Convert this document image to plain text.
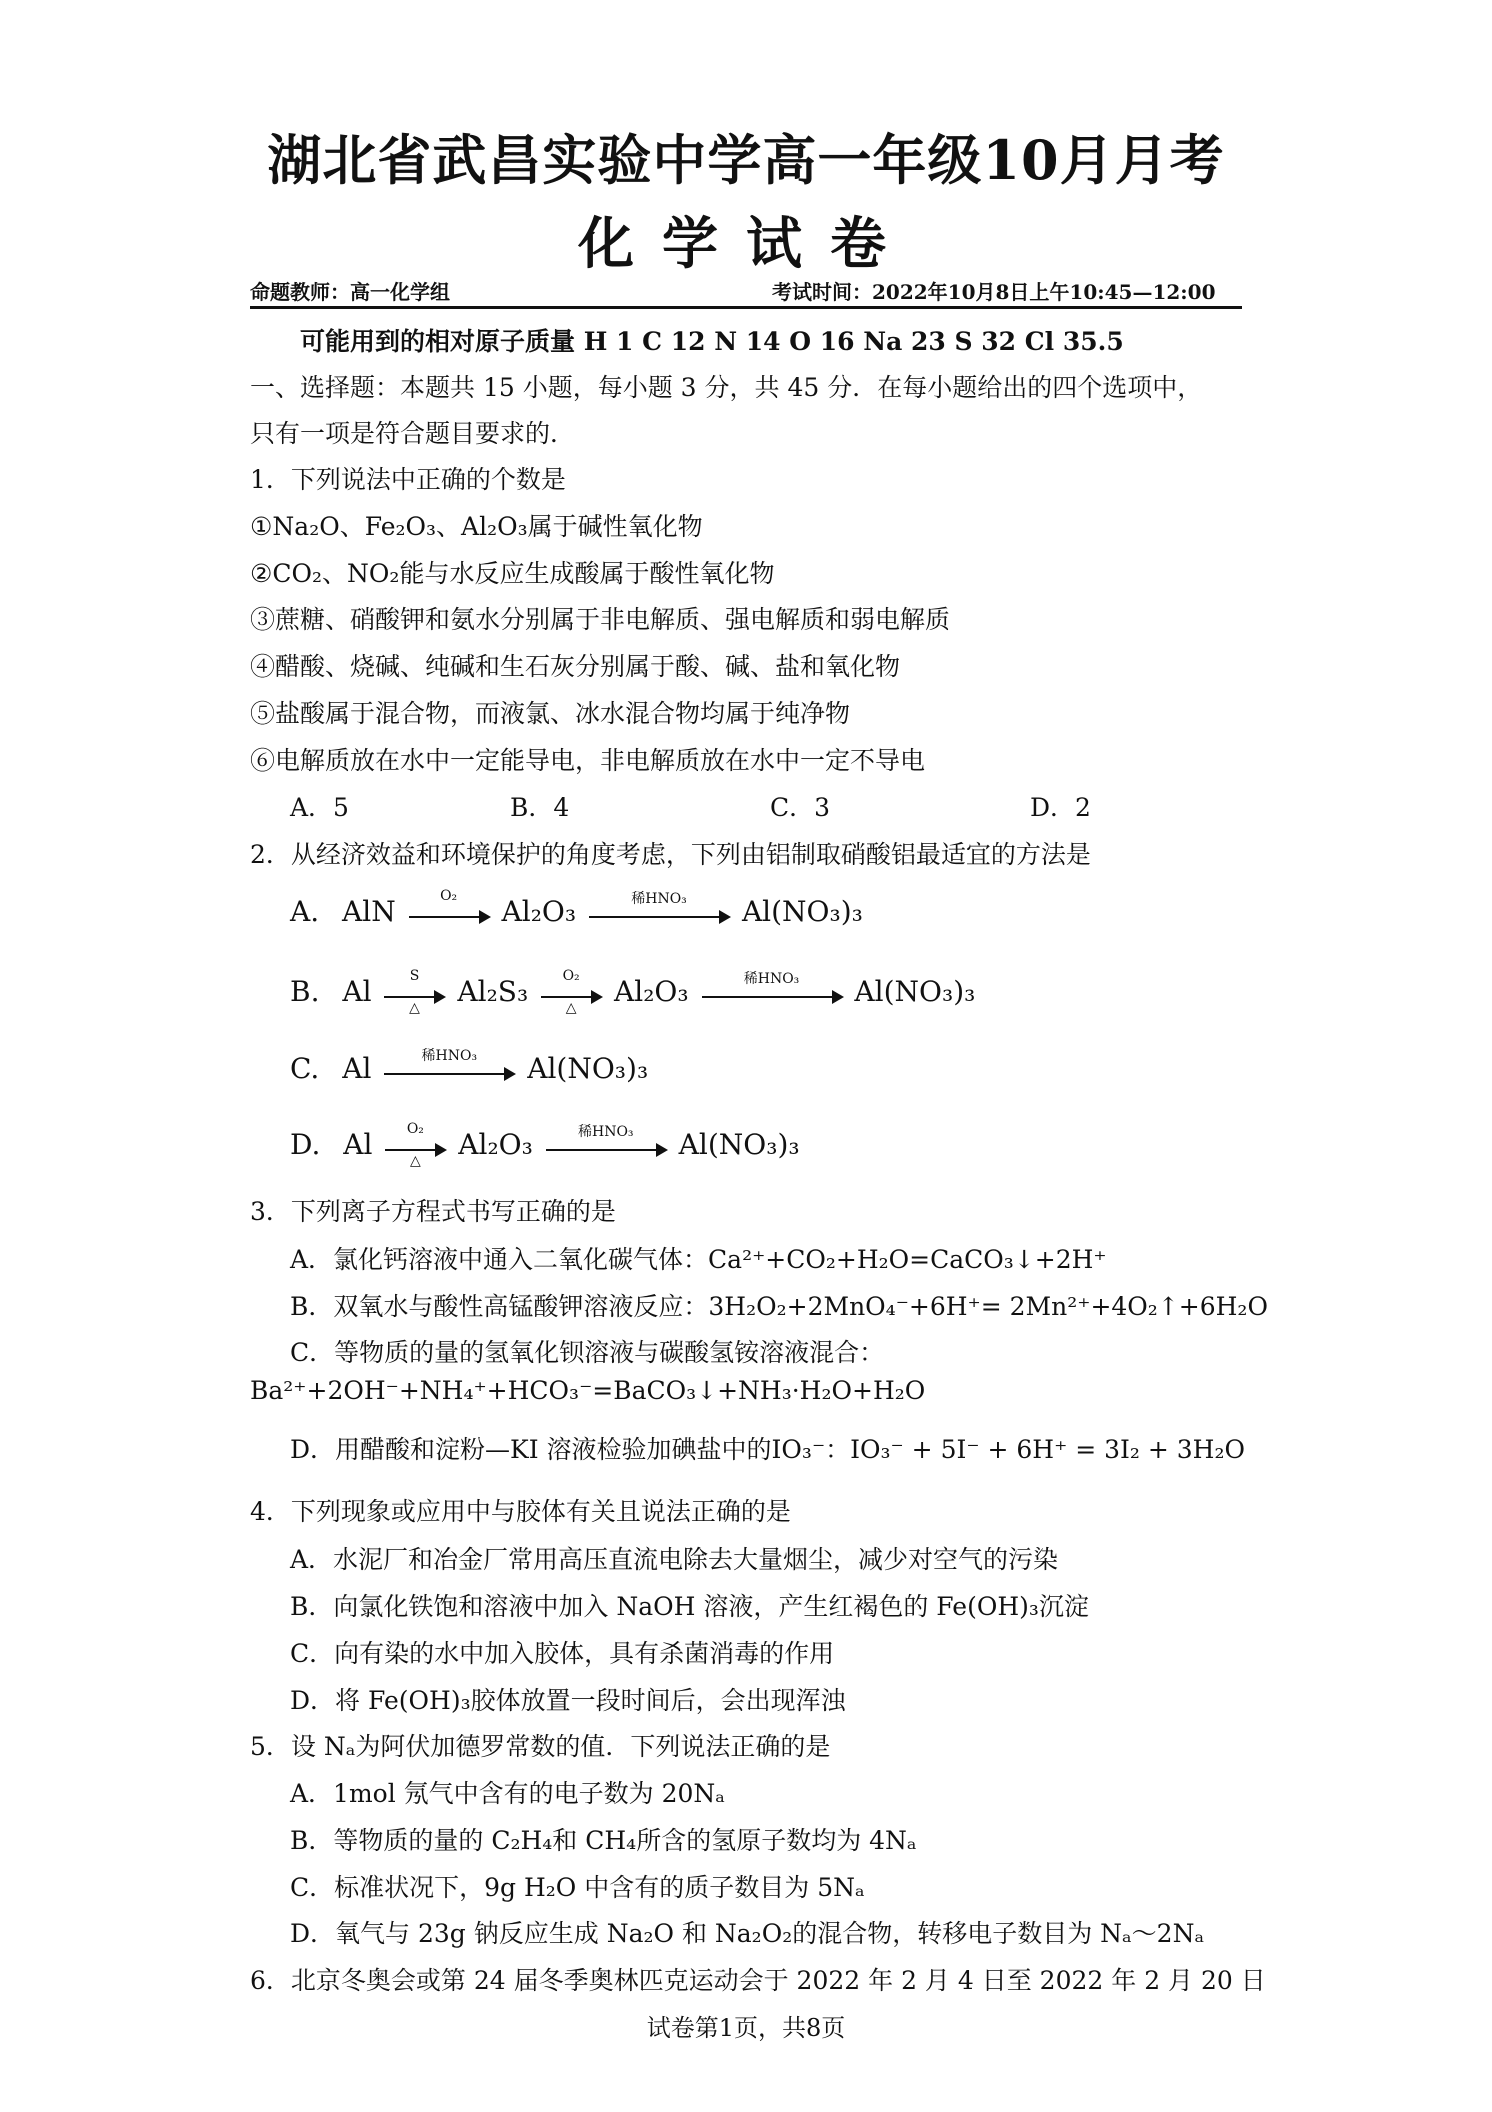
湖北省武昌实验中学高一年级10月月考
化学试卷
命题教师：高一化学组	考试时间：2022年10月8日上午10:45—12:00
可能用到的相对原子质量 H 1 C 12 N 14 O 16 Na 23 S 32 Cl 35.5
一、选择题：本题共 15 小题，每小题 3 分，共 45 分．在每小题给出的四个选项中，
只有一项是符合题目要求的．
1．下列说法中正确的个数是
①Na₂O、Fe₂O₃、Al₂O₃属于碱性氧化物
②CO₂、NO₂能与水反应生成酸属于酸性氧化物
③蔗糖、硝酸钾和氨水分别属于非电解质、强电解质和弱电解质
④醋酸、烧碱、纯碱和生石灰分别属于酸、碱、盐和氧化物
⑤盐酸属于混合物，而液氯、冰水混合物均属于纯净物
⑥电解质放在水中一定能导电，非电解质放在水中一定不导电
A．5	B．4	C．3	D．2
2．从经济效益和环境保护的角度考虑，下列由铝制取硝酸铝最适宜的方法是
A. AlN	O₂	Al₂O₃	稀HNO₃	Al(NO₃)₃
B. Al	S
△	Al₂S₃	O₂
△	Al₂O₃	稀HNO₃	Al(NO₃)₃
C. Al	稀HNO₃	Al(NO₃)₃
D. Al	O₂
△	Al₂O₃	稀HNO₃	Al(NO₃)₃
3．下列离子方程式书写正确的是
A．氯化钙溶液中通入二氧化碳气体：Ca²⁺+CO₂+H₂O=CaCO₃↓+2H⁺
B．双氧水与酸性高锰酸钾溶液反应：3H₂O₂+2MnO₄⁻+6H⁺= 2Mn²⁺+4O₂↑+6H₂O
C．等物质的量的氢氧化钡溶液与碳酸氢铵溶液混合：
Ba²⁺+2OH⁻+NH₄⁺+HCO₃⁻=BaCO₃↓+NH₃·H₂O+H₂O
D．用醋酸和淀粉—KI 溶液检验加碘盐中的IO₃⁻：IO₃⁻ + 5I⁻ + 6H⁺ = 3I₂ + 3H₂O
4．下列现象或应用中与胶体有关且说法正确的是
A．水泥厂和冶金厂常用高压直流电除去大量烟尘，减少对空气的污染
B．向氯化铁饱和溶液中加入 NaOH 溶液，产生红褐色的 Fe(OH)₃沉淀
C．向有染的水中加入胶体，具有杀菌消毒的作用
D．将 Fe(OH)₃胶体放置一段时间后，会出现浑浊
5．设 Nₐ为阿伏加德罗常数的值．下列说法正确的是
A．1mol 氖气中含有的电子数为 20Nₐ
B．等物质的量的 C₂H₄和 CH₄所含的氢原子数均为 4Nₐ
C．标准状况下，9g H₂O 中含有的质子数目为 5Nₐ
D．氧气与 23g 钠反应生成 Na₂O 和 Na₂O₂的混合物，转移电子数目为 Nₐ～2Nₐ
6．北京冬奥会或第 24 届冬季奥林匹克运动会于 2022 年 2 月 4 日至 2022 年 2 月 20 日
试卷第1页，共8页
